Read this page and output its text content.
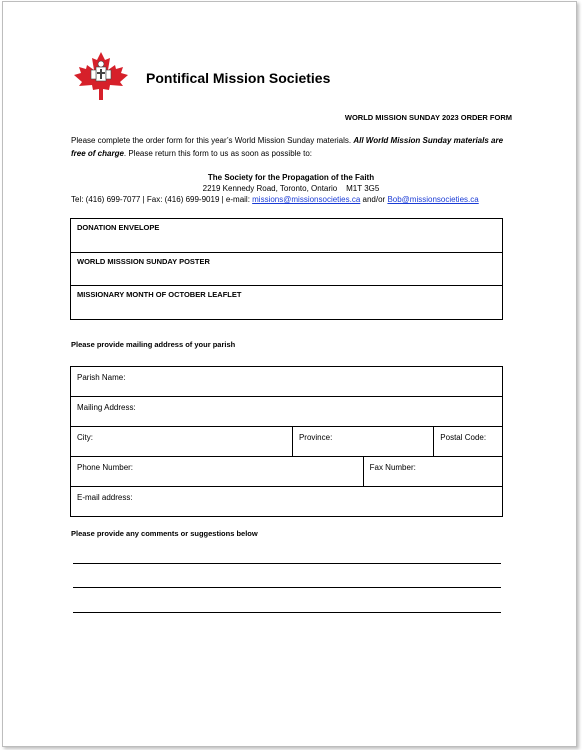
Pontifical Mission Societies
WORLD MISSION SUNDAY 2023 ORDER FORM
Please complete the order form for this year’s World Mission Sunday materials. All World Mission Sunday materials are free of charge. Please return this form to us as soon as possible to:
The Society for the Propagation of the Faith
2219 Kennedy Road, Toronto, Ontario    M1T 3G5
Tel: (416) 699-7077 | Fax: (416) 699-9019 | e-mail: missions@missionsocieties.ca and/or Bob@missionsocieties.ca
DONATION ENVELOPE
WORLD MISSSION SUNDAY POSTER
MISSIONARY MONTH OF OCTOBER LEAFLET
Please provide mailing address of your parish
Parish Name:			
Mailing Address:			
City:	Province:		Postal Code:
Phone Number:		Fax Number:	
E-mail address:			
Please provide any comments or suggestions below
